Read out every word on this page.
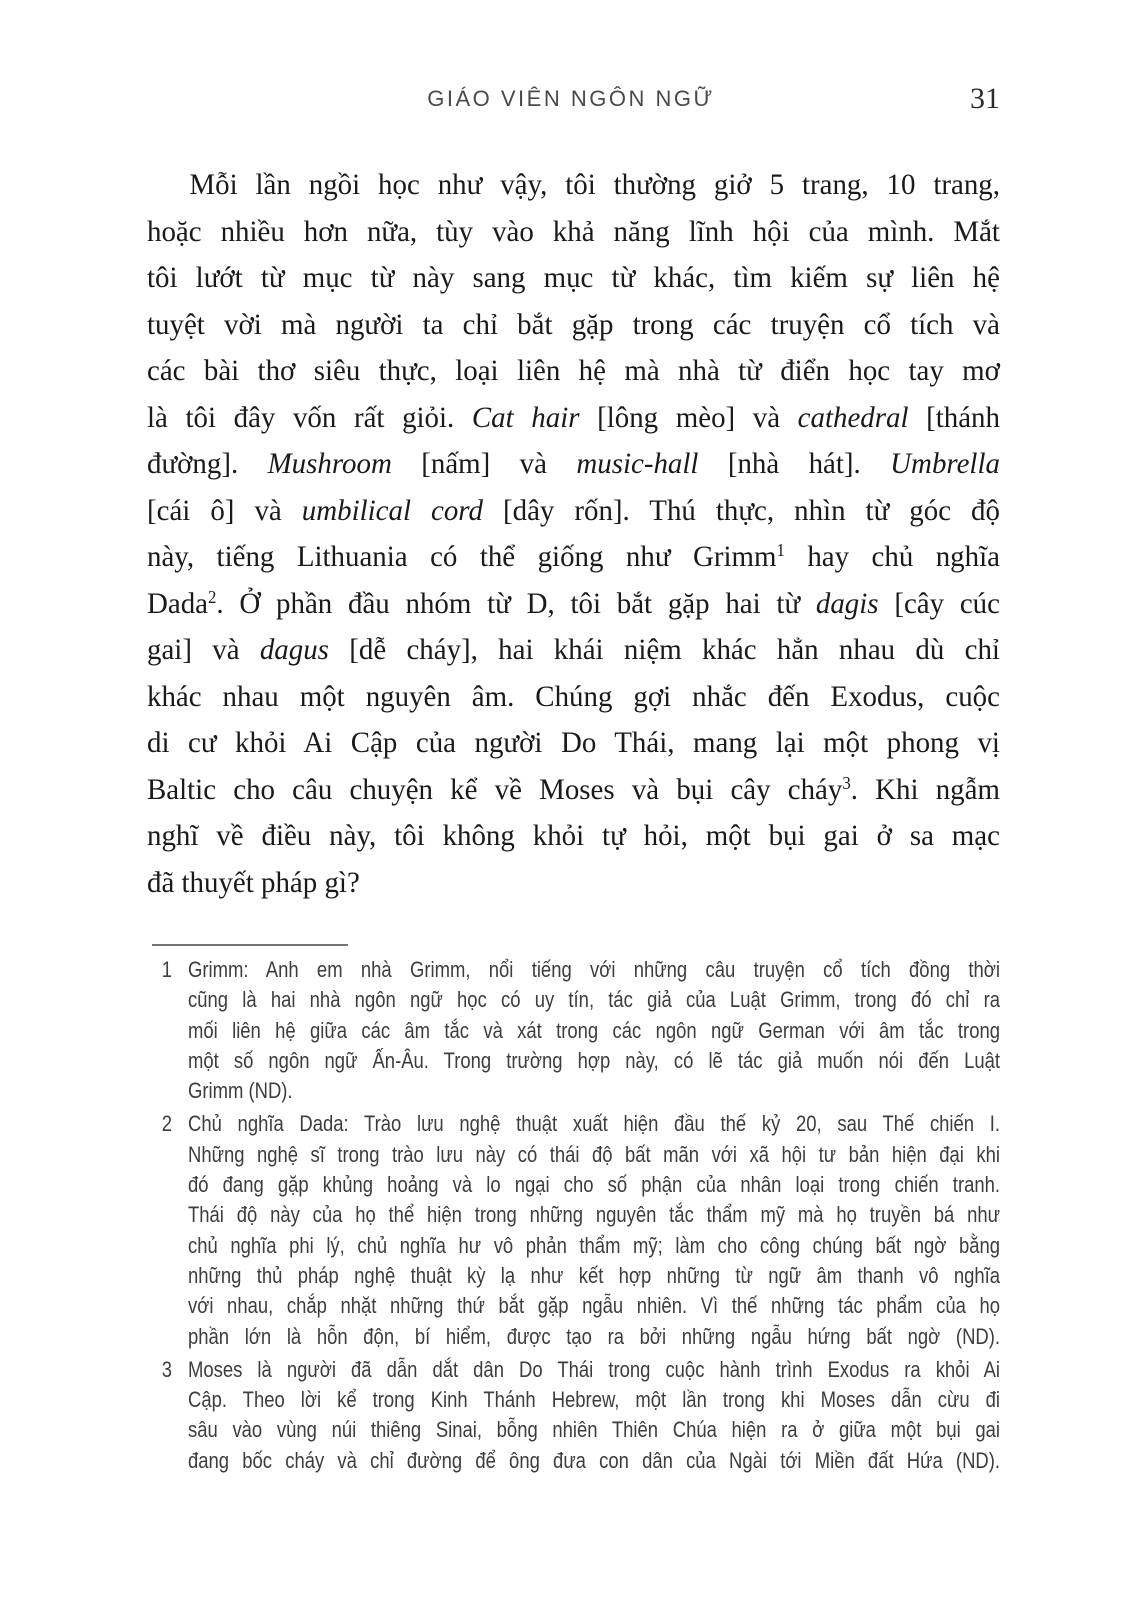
GIÁO VIÊN NGÔN NGỮ	31
Mỗi lần ngồi học như vậy, tôi thường giở 5 trang, 10 trang,
hoặc nhiều hơn nữa, tùy vào khả năng lĩnh hội của mình. Mắt
tôi lướt từ mục từ này sang mục từ khác, tìm kiếm sự liên hệ
tuyệt vời mà người ta chỉ bắt gặp trong các truyện cổ tích và
các bài thơ siêu thực, loại liên hệ mà nhà từ điển học tay mơ
là tôi đây vốn rất giỏi. Cat hair [lông mèo] và cathedral [thánh
đường]. Mushroom [nấm] và music-hall [nhà hát]. Umbrella
[cái ô] và umbilical cord [dây rốn]. Thú thực, nhìn từ góc độ
này, tiếng Lithuania có thể giống như Grimm$^1$ hay chủ nghĩa
Dada$^2$. Ở phần đầu nhóm từ D, tôi bắt gặp hai từ dagis [cây cúc
gai] và dagus [dễ cháy], hai khái niệm khác hẳn nhau dù chỉ
khác nhau một nguyên âm. Chúng gợi nhắc đến Exodus, cuộc
di cư khỏi Ai Cập của người Do Thái, mang lại một phong vị
Baltic cho câu chuyện kể về Moses và bụi cây cháy$^3$. Khi ngẫm
nghĩ về điều này, tôi không khỏi tự hỏi, một bụi gai ở sa mạc
đã thuyết pháp gì?
1 Grimm: Anh em nhà Grimm, nổi tiếng với những câu truyện cổ tích đồng thời
cũng là hai nhà ngôn ngữ học có uy tín, tác giả của Luật Grimm, trong đó chỉ ra
mối liên hệ giữa các âm tắc và xát trong các ngôn ngữ German với âm tắc trong
một số ngôn ngữ Ấn-Âu. Trong trường hợp này, có lẽ tác giả muốn nói đến Luật
Grimm (ND).
2 Chủ nghĩa Dada: Trào lưu nghệ thuật xuất hiện đầu thế kỷ 20, sau Thế chiến I.
Những nghệ sĩ trong trào lưu này có thái độ bất mãn với xã hội tư bản hiện đại khi
đó đang gặp khủng hoảng và lo ngại cho số phận của nhân loại trong chiến tranh.
Thái độ này của họ thể hiện trong những nguyên tắc thẩm mỹ mà họ truyền bá như
chủ nghĩa phi lý, chủ nghĩa hư vô phản thẩm mỹ; làm cho công chúng bất ngờ bằng
những thủ pháp nghệ thuật kỳ lạ như kết hợp những từ ngữ âm thanh vô nghĩa
với nhau, chắp nhặt những thứ bắt gặp ngẫu nhiên. Vì thế những tác phẩm của họ
phần lớn là hỗn độn, bí hiểm, được tạo ra bởi những ngẫu hứng bất ngờ (ND).
3 Moses là người đã dẫn dắt dân Do Thái trong cuộc hành trình Exodus ra khỏi Ai
Cập. Theo lời kể trong Kinh Thánh Hebrew, một lần trong khi Moses dẫn cừu đi
sâu vào vùng núi thiêng Sinai, bỗng nhiên Thiên Chúa hiện ra ở giữa một bụi gai
đang bốc cháy và chỉ đường để ông đưa con dân của Ngài tới Miền đất Hứa (ND).
